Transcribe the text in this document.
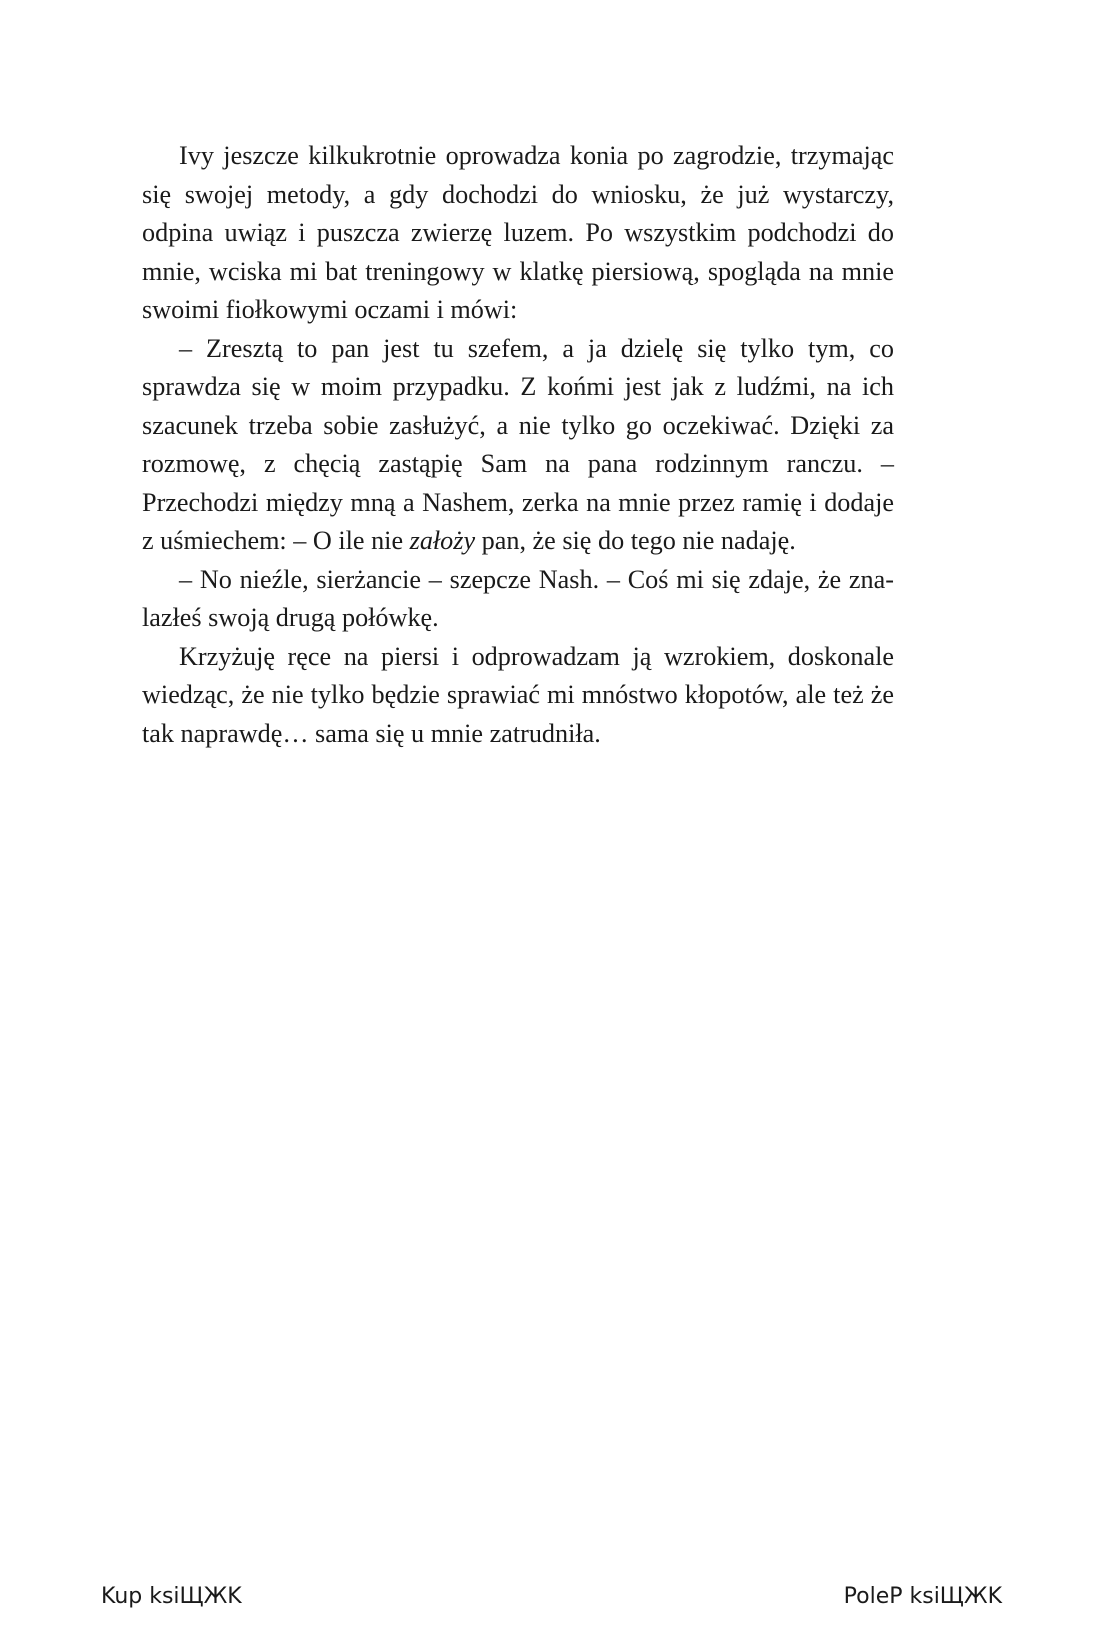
Ivy jeszcze kilkukrotnie oprowadza konia po zagrodzie, trzymając się swojej metody, a gdy dochodzi do wniosku, że już wystarczy, odpina uwiąz i puszcza zwierzę luzem. Po wszystkim podchodzi do mnie, wciska mi bat treningowy w klatkę piersiową, spogląda na mnie swoimi fiołkowymi oczami i mówi:

– Zresztą to pan jest tu szefem, a ja dzielę się tylko tym, co sprawdza się w moim przypadku. Z końmi jest jak z ludźmi, na ich szacunek trzeba sobie zasłużyć, a nie tylko go oczekiwać. Dzięki za rozmowę, z chęcią zastąpię Sam na pana rodzinnym ranczu. – Przechodzi między mną a Nashem, zerka na mnie przez ramię i dodaje z uśmiechem: – O ile nie założy pan, że się do tego nie nadaję.

– No nieźle, sierżancie – szepcze Nash. – Coś mi się zdaje, że znalazłeś swoją drugą połówkę.

Krzyżuję ręce na piersi i odprowadzam ją wzrokiem, doskonale wiedząc, że nie tylko będzie sprawiać mi mnóstwo kłopotów, ale też że tak naprawdę… sama się u mnie zatrudniła.

Kup ksiЩЖK	PoleР ksiЩЖK
